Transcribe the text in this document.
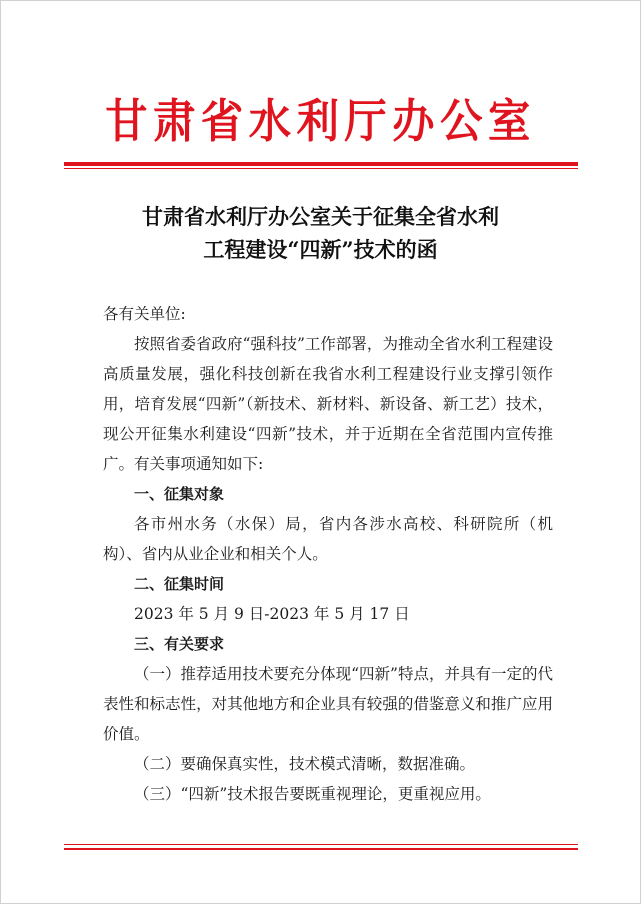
甘肃省水利厅办公室
甘肃省水利厅办公室关于征集全省水利
工程建设“四新”技术的函

各有关单位:

按照省委省政府“强科技”工作部署，为推动全省水利工程建设高质量发展，强化科技创新在我省水利工程建设行业支撑引领作用，培育发展“四新”（新技术、新材料、新设备、新工艺）技术，现公开征集水利建设“四新”技术，并于近期在全省范围内宣传推广。有关事项通知如下:

一、征集对象

各市州水务（水保）局，省内各涉水高校、科研院所（机构）、省内从业企业和相关个人。

二、征集时间

2023 年 5 月 9 日-2023 年 5 月 17 日

三、有关要求

（一）推荐适用技术要充分体现“四新”特点，并具有一定的代表性和标志性，对其他地方和企业具有较强的借鉴意义和推广应用价值。

（二）要确保真实性，技术模式清晰，数据准确。

（三）“四新”技术报告要既重视理论，更重视应用。
